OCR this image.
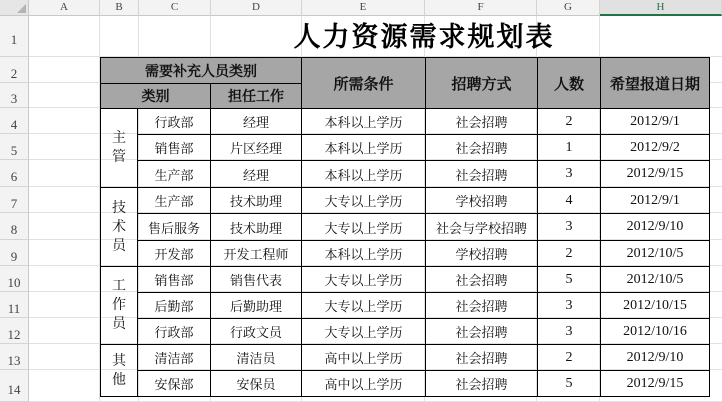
A	B	C	D	E	F	G	H
1
2
3
4
5
6
7
8
9
10
11
12
13
14
人力资源需求规划表
需要补充人员类别			所需条件	招聘方式	人数	希望报道日期
类别		担任工作				
主管	行政部	经理	本科以上学历	社会招聘	2	2012/9/1
	销售部	片区经理	本科以上学历	社会招聘	1	2012/9/2
	生产部	经理	本科以上学历	社会招聘	3	2012/9/15
技术员	生产部	技术助理	大专以上学历	学校招聘	4	2012/9/1
	售后服务	技术助理	大专以上学历	社会与学校招聘	3	2012/9/10
	开发部	开发工程师	本科以上学历	学校招聘	2	2012/10/5
工作员	销售部	销售代表	大专以上学历	社会招聘	5	2012/10/5
	后勤部	后勤助理	大专以上学历	社会招聘	3	2012/10/15
	行政部	行政文员	大专以上学历	社会招聘	3	2012/10/16
其他	清洁部	清洁员	高中以上学历	社会招聘	2	2012/9/10
	安保部	安保员	高中以上学历	社会招聘	5	2012/9/15
